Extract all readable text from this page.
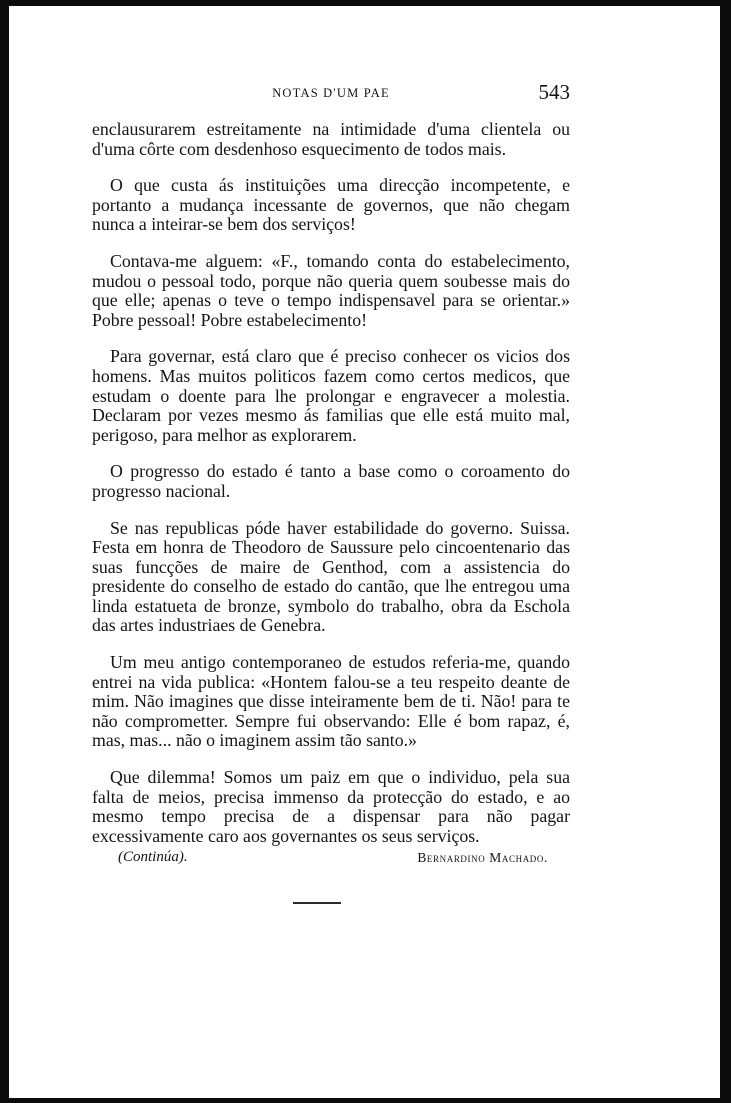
NOTAS D'UM PAE	543

enclausurarem estreitamente na intimidade d'uma clientela ou d'uma côrte com desdenhoso esquecimento de todos mais.

O que custa ás instituições uma direcção incompetente, e portanto a mudança incessante de governos, que não chegam nunca a inteirar-se bem dos serviços!

Contava-me alguem: «F., tomando conta do estabelecimento, mudou o pessoal todo, porque não queria quem soubesse mais do que elle; apenas o teve o tempo indispensavel para se orientar.» Pobre pessoal! Pobre estabelecimento!

Para governar, está claro que é preciso conhecer os vicios dos homens. Mas muitos politicos fazem como certos medicos, que estudam o doente para lhe prolongar e engravecer a molestia. Declaram por vezes mesmo ás familias que elle está muito mal, perigoso, para melhor as explorarem.

O progresso do estado é tanto a base como o coroamento do progresso nacional.

Se nas republicas póde haver estabilidade do governo. Suissa. Festa em honra de Theodoro de Saussure pelo cincoentenario das suas funcções de maire de Genthod, com a assistencia do presidente do conselho de estado do cantão, que lhe entregou uma linda estatueta de bronze, symbolo do trabalho, obra da Eschola das artes industriaes de Genebra.

Um meu antigo contemporaneo de estudos referia-me, quando entrei na vida publica: «Hontem falou-se a teu respeito deante de mim. Não imagines que disse inteiramente bem de ti. Não! para te não comprometter. Sempre fui observando: Elle é bom rapaz, é, mas, mas... não o imaginem assim tão santo.»

Que dilemma! Somos um paiz em que o individuo, pela sua falta de meios, precisa immenso da protecção do estado, e ao mesmo tempo precisa de a dispensar para não pagar excessivamente caro aos governantes os seus serviços.

(Continúa).	Bernardino Machado.
